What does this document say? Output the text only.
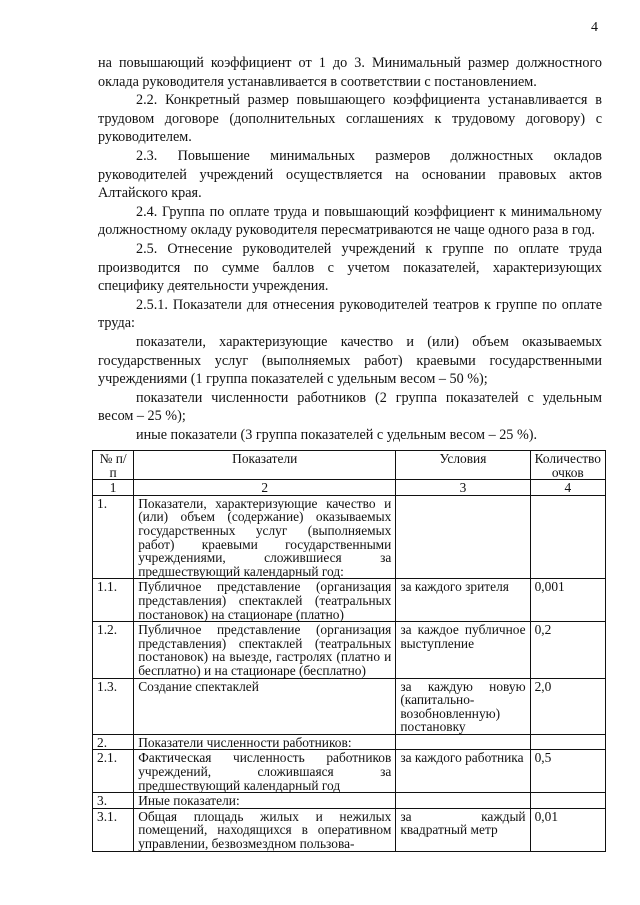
4

на повышающий коэффициент от 1 до 3. Минимальный размер должностного оклада руководителя устанавливается в соответствии с постановлением.

2.2. Конкретный размер повышающего коэффициента устанавливается в трудовом договоре (дополнительных соглашениях к трудовому договору) с руководителем.

2.3. Повышение минимальных размеров должностных окладов руководителей учреждений осуществляется на основании правовых актов Алтайского края.

2.4. Группа по оплате труда и повышающий коэффициент к минимальному должностному окладу руководителя пересматриваются не чаще одного раза в год.

2.5. Отнесение руководителей учреждений к группе по оплате труда производится по сумме баллов с учетом показателей, характеризующих специфику деятельности учреждения.

2.5.1. Показатели для отнесения руководителей театров к группе по оплате труда:

показатели, характеризующие качество и (или) объем оказываемых государственных услуг (выполняемых работ) краевыми государственными учреждениями (1 группа показателей с удельным весом – 50 %);

показатели численности работников (2 группа показателей с удельным весом – 25 %);

иные показатели (3 группа показателей с удельным весом – 25 %).

№ п/п	Показатели	Условия	Количество очков
1	2	3	4
1.	Показатели, характеризующие качество и (или) объем (содержание) оказываемых государственных услуг (выполняемых работ) краевыми государственными учреждениями, сложившиеся за предшествующий календарный год:		
1.1.	Публичное представление (организация представления) спектаклей (театральных постановок) на стационаре (платно)	за каждого зрителя	0,001
1.2.	Публичное представление (организация представления) спектаклей (театральных постановок) на выезде, гастролях (платно и бесплатно) и на стационаре (бесплатно)	за каждое публичное выступление	0,2
1.3.	Создание спектаклей	за каждую новую (капитально-возобновленную) постановку	2,0
2.	Показатели численности работников:		
2.1.	Фактическая численность работников учреждений, сложившаяся за предшествующий календарный год	за каждого работника	0,5
3.	Иные показатели:		
3.1.	Общая площадь жилых и нежилых помещений, находящихся в оперативном управлении, безвозмездном пользова-	за каждый квадратный метр	0,01
